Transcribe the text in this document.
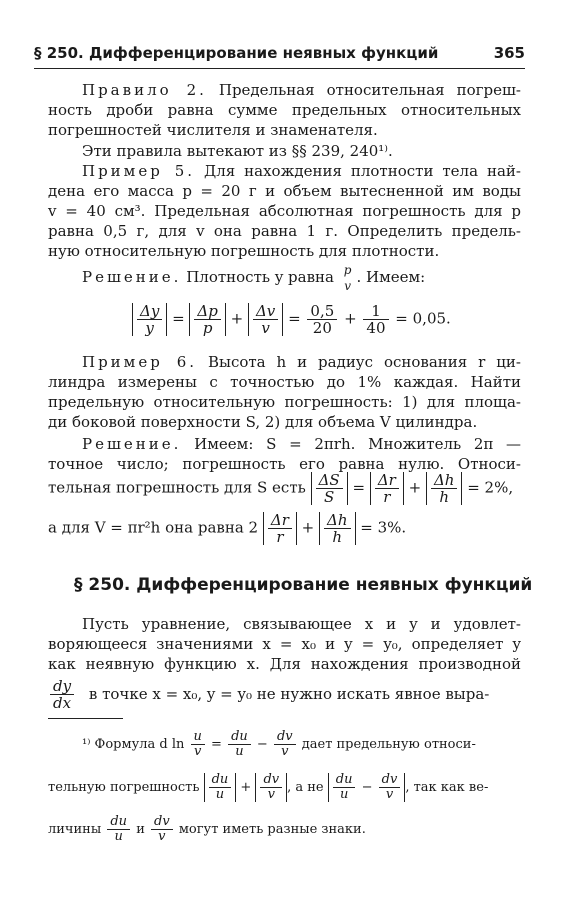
§ 250. Дифференцирование неявных функций	365
Правило 2. Предельная относительная погреш-
ность дроби равна сумме предельных относительных
погрешностей числителя и знаменателя.
Эти правила вытекают из §§ 239, 240¹⁾.
Пример 5. Для нахождения плотности тела най-
дена его масса p = 20 г и объем вытесненной им воды
v = 40 см³. Предельная абсолютная погрешность для p
равна 0,5 г, для v она равна 1 г. Определить предель-
ную относительную погрешность для плотности.
Решение. Плотность y равна p
v . Имеем:
$\frac{\Delta y}{y} = \frac{\Delta p}{p} + \frac{\Delta v}{v} = \frac{0,5}{20} + \frac{1}{40} = 0,05$.
Пример 6. Высота h и радиус основания r ци-
линдра измерены с точностью до 1% каждая. Найти
предельную относительную погрешность: 1) для площа-
ди боковой поверхности S, 2) для объема V цилиндра.
Решение. Имеем: S = 2πrh. Множитель 2π —
точное число; погрешность его равна нулю. Относи-
тельная погрешность для S есть $\frac{\Delta S}{S} = \frac{\Delta r}{r} + \frac{\Delta h}{h} = 2\%$,
а для V = πr²h она равна $2 \frac{\Delta r}{r} + \frac{\Delta h}{h} = 3\%$.
§ 250. Дифференцирование неявных функций
Пусть уравнение, связывающее x и y и удовлет-
воряющееся значениями x = x₀ и y = y₀, определяет y
как неявную функцию x. Для нахождения производной
$\frac{dy}{dx}$ в точке x = x₀, y = y₀ не нужно искать явное выра-
¹⁾ Формула d $\ln \frac{u}{v} = \frac{du}{u} - \frac{dv}{v}$ дает предельную относи-
тельную погрешность $\frac{du}{u} + \frac{dv}{v}$ , а не $\frac{du}{u} - \frac{dv}{v}$ , так как ве-
личины $\frac{du}{u}$ и $\frac{dv}{v}$ могут иметь разные знаки.
